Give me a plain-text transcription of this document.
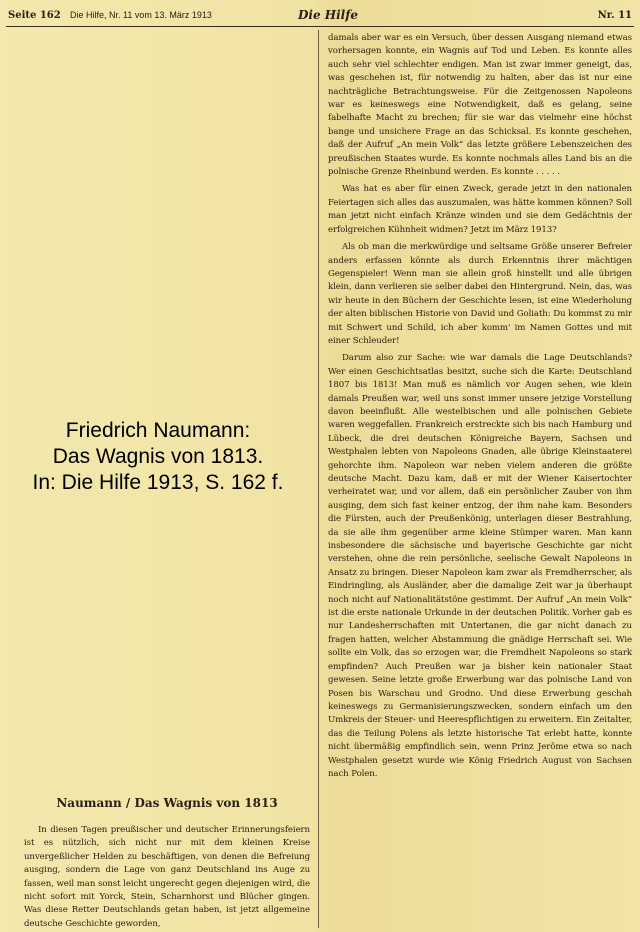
Seite 162 Die Hilfe, Nr. 11 vom 13. März 1913	Die Hilfe	Nr. 11
Friedrich Naumann:
Das Wagnis von 1813.
In: Die Hilfe 1913, S. 162 f.
Naumann / Das Wagnis von 1813

In diesen Tagen preußischer und deutscher Erinnerungsfeiern ist es nützlich, sich nicht nur mit dem kleinen Kreise unvergeßlicher Helden zu beschäftigen, von denen die Befreiung ausging, sondern die Lage von ganz Deutschland ins Auge zu fassen, weil man sonst leicht ungerecht gegen diejenigen wird, die nicht sofort mit Yorck, Stein, Scharnhorst und Blücher gingen. Was diese Retter Deutschlands getan haben, ist jetzt allgemeine deutsche Geschichte geworden,

damals aber war es ein Versuch, über dessen Ausgang niemand etwas vorhersagen konnte, ein Wagnis auf Tod und Leben. Es konnte alles auch sehr viel schlechter endigen. Man ist zwar immer geneigt, das, was geschehen ist, für notwendig zu halten, aber das ist nur eine nachträgliche Betrachtungsweise. Für die Zeitgenossen Napoleons war es keineswegs eine Notwendigkeit, daß es gelang, seine fabelhafte Macht zu brechen; für sie war das vielmehr eine höchst bange und unsichere Frage an das Schicksal. Es konnte geschehen, daß der Aufruf „An mein Volk“ das letzte größere Lebenszeichen des preußischen Staates wurde. Es konnte nochmals alles Land bis an die polnische Grenze Rheinbund werden. Es konnte . . . . .

Was hat es aber für einen Zweck, gerade jetzt in den nationalen Feiertagen sich alles das auszumalen, was hätte kommen können? Soll man jetzt nicht einfach Kränze winden und sie dem Gedächtnis der erfolgreichen Kühnheit widmen? Jetzt im März 1913?

Als ob man die merkwürdige und seltsame Größe unserer Befreier anders erfassen könnte als durch Erkenntnis ihrer mächtigen Gegenspieler! Wenn man sie allein groß hinstellt und alle übrigen klein, dann verlieren sie selber dabei den Hintergrund. Nein, das, was wir heute in den Büchern der Geschichte lesen, ist eine Wiederholung der alten biblischen Historie von David und Goliath: Du kommst zu mir mit Schwert und Schild, ich aber komm' im Namen Gottes und mit einer Schleuder!

Darum also zur Sache: wie war damals die Lage Deutschlands? Wer einen Geschichtsatlas besitzt, suche sich die Karte: Deutschland 1807 bis 1813! Man muß es nämlich vor Augen sehen, wie klein damals Preußen war, weil uns sonst immer unsere jetzige Vorstellung davon beeinflußt. Alle westelbischen und alle polnischen Gebiete waren weggefallen. Frankreich erstreckte sich bis nach Hamburg und Lübeck, die drei deutschen Königreiche Bayern, Sachsen und Westphalen lebten von Napoleons Gnaden, alle übrige Kleinstaaterei gehorchte ihm. Napoleon war neben vielem anderen die größte deutsche Macht. Dazu kam, daß er mit der Wiener Kaisertochter verheiratet war, und vor allem, daß ein persönlicher Zauber von ihm ausging, dem sich fast keiner entzog, der ihm nahe kam. Besonders die Fürsten, auch der Preußenkönig, unterlagen dieser Bestrahlung, da sie alle ihm gegenüber arme kleine Stümper waren. Man kann insbesondere die sächsische und bayerische Geschichte gar nicht verstehen, ohne die rein persönliche, seelische Gewalt Napoleons in Ansatz zu bringen. Dieser Napoleon kam zwar als Fremdherrscher, als Eindringling, als Ausländer, aber die damalige Zeit war ja überhaupt noch nicht auf Nationalitätstöne gestimmt. Der Aufruf „An mein Volk“ ist die erste nationale Urkunde in der deutschen Politik. Vorher gab es nur Landesherrschaften mit Untertanen, die gar nicht danach zu fragen hatten, welcher Abstammung die gnädige Herrschaft sei. Wie sollte ein Volk, das so erzogen war, die Fremdheit Napoleons so stark empfinden? Auch Preußen war ja bisher kein nationaler Staat gewesen. Seine letzte große Erwerbung war das polnische Land von Posen bis Warschau und Grodno. Und diese Erwerbung geschah keineswegs zu Germanisierungszwecken, sondern einfach um den Umkreis der Steuer- und Heerespflichtigen zu erweitern. Ein Zeitalter, das die Teilung Polens als letzte historische Tat erlebt hatte, konnte nicht übermäßig empfindlich sein, wenn Prinz Jerôme etwa so nach Westphalen gesetzt wurde wie König Friedrich August von Sachsen nach Polen.
